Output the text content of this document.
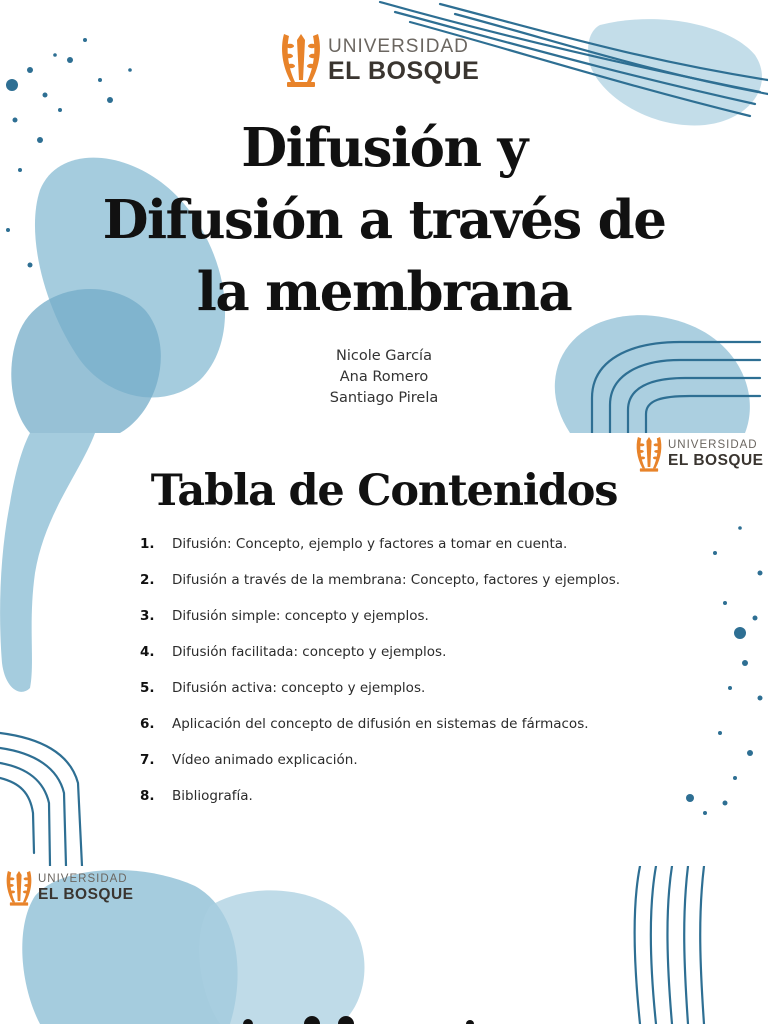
UNIVERSIDAD
EL BOSQUE
Difusión y
Difusión a través de
la membrana
Nicole García
Ana Romero
Santiago Pirela
UNIVERSIDAD
EL BOSQUE
Tabla de Contenidos
1.	Difusión: Concepto, ejemplo y factores a tomar en cuenta.
2.	Difusión a través de la membrana: Concepto, factores y ejemplos.
3.	Difusión simple: concepto y ejemplos.
4.	Difusión facilitada: concepto y ejemplos.
5.	Difusión activa: concepto y ejemplos.
6.	Aplicación del concepto de difusión en sistemas de fármacos.
7.	Vídeo animado explicación.
8.	Bibliografía.
UNIVERSIDAD
EL BOSQUE
